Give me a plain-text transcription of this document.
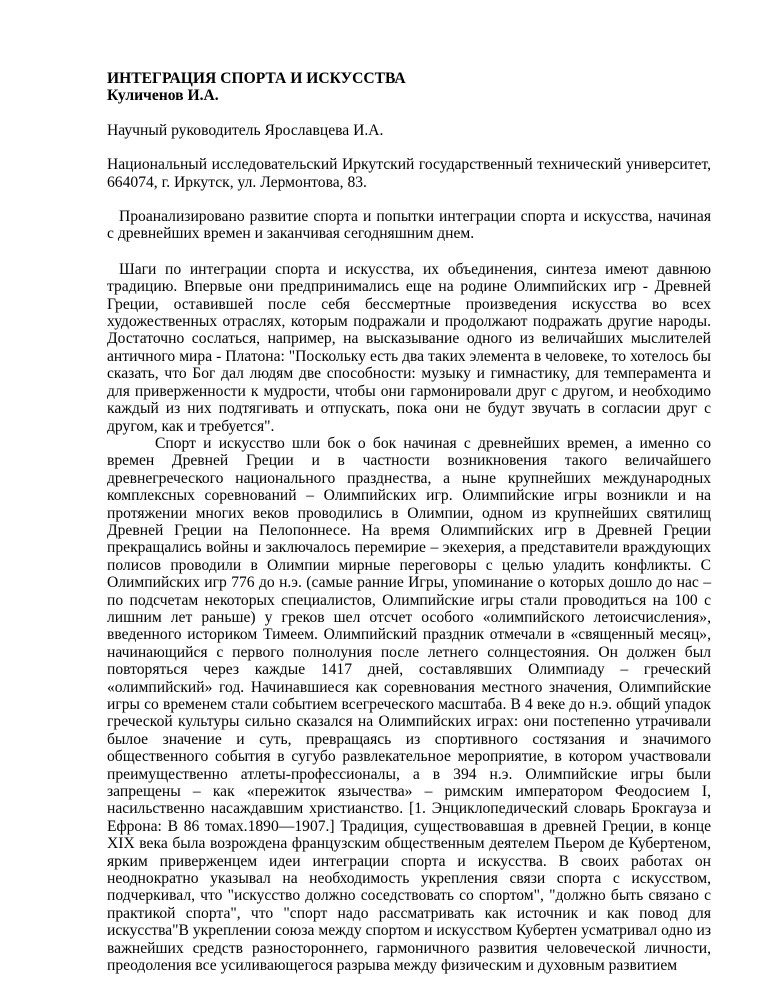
ИНТЕГРАЦИЯ СПОРТА И ИСКУССТВА

Куличенов И.А.

Научный руководитель Ярославцева И.А.

Национальный исследовательский Иркутский государственный технический университет, 664074, г. Иркутск, ул. Лермонтова, 83.

Проанализировано развитие спорта и попытки интеграции спорта и искусства, начиная с древнейших времен и заканчивая сегодняшним днем.

Шаги по интеграции спорта и искусства, их объединения, синтеза имеют давнюю традицию. Впервые они предпринимались еще на родине Олимпийских игр - Древней Греции, оставившей после себя бессмертные произведения искусства во всех художественных отраслях, которым подражали и продолжают подражать другие народы. Достаточно сослаться, например, на высказывание одного из величайших мыслителей античного мира - Платона: "Поскольку есть два таких элемента в человеке, то хотелось бы сказать, что Бог дал людям две способности: музыку и гимнастику, для темперамента и для приверженности к мудрости, чтобы они гармонировали друг с другом, и необходимо каждый из них подтягивать и отпускать, пока они не будут звучать в согласии друг с другом, как и требуется".

Спорт и искусство шли бок о бок начиная с древнейших времен, а именно со времен Древней Греции и в частности возникновения такого величайшего древнегреческого национального празднества, а ныне крупнейших международных комплексных соревнований – Олимпийских игр. Олимпийские игры возникли и на протяжении многих веков проводились в Олимпии, одном из крупнейших святилищ Древней Греции на Пелопоннесе. На время Олимпийских игр в Древней Греции прекращались войны и заключалось перемирие – экехерия, а представители враждующих полисов проводили в Олимпии мирные переговоры с целью уладить конфликты. С Олимпийских игр 776 до н.э. (самые ранние Игры, упоминание о которых дошло до нас – по подсчетам некоторых специалистов, Олимпийские игры стали проводиться на 100 с лишним лет раньше) у греков шел отсчет особого «олимпийского летоисчисления», введенного историком Тимеем. Олимпийский праздник отмечали в «священный месяц», начинающийся с первого полнолуния после летнего солнцестояния. Он должен был повторяться через каждые 1417 дней, составлявших Олимпиаду – греческий «олимпийский» год. Начинавшиеся как соревнования местного значения, Олимпийские игры со временем стали событием всегреческого масштаба. В 4 веке до н.э. общий упадок греческой культуры сильно сказался на Олимпийских играх: они постепенно утрачивали былое значение и суть, превращаясь из спортивного состязания и значимого общественного события в сугубо развлекательное мероприятие, в котором участвовали преимущественно атлеты-профессионалы, а в 394 н.э. Олимпийские игры были запрещены – как «пережиток язычества» – римским императором Феодосием I, насильственно насаждавшим христианство. [1. Энциклопедический словарь Брокгауза и Ефрона: В 86 томах.1890—1907.] Традиция, существовавшая в древней Греции, в конце XIX века была возрождена французским общественным деятелем Пьером де Кубертеном, ярким приверженцем идеи интеграции спорта и искусства. В своих работах он неоднократно указывал на необходимость укрепления связи спорта с искусством, подчеркивал, что "искусство должно соседствовать со спортом", "должно быть связано с практикой спорта", что "спорт надо рассматривать как источник и как повод для искусства"В укреплении союза между спортом и искусством Кубертен усматривал одно из важнейших средств разностороннего, гармоничного развития человеческой личности, преодоления все усиливающегося разрыва между физическим и духовным развитием
